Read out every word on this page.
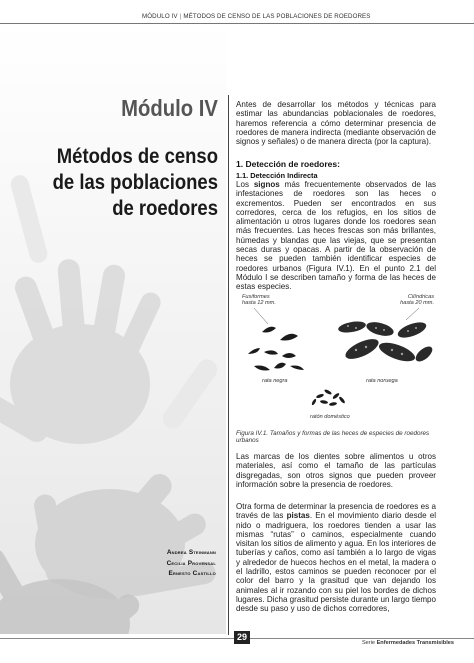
MÓDULO IV | MÉTODOS DE CENSO DE LAS POBLACIONES DE ROEDORES
Módulo IV
Métodos de censo
de las poblaciones
de roedores
Andrea Steinmann
Cecilia Provensal
Ernesto Castillo

Antes de desarrollar los métodos y técnicas para estimar las abundancias poblacionales de roedores, haremos referencia a cómo determinar presencia de roedores de manera indirecta (mediante observación de signos y señales) o de manera directa (por la captura).

1. Detección de roedores:
1.1. Detección Indirecta

Los signos más frecuentemente observados de las infestaciones de roedores son las heces o excrementos. Pueden ser encontrados en sus corredores, cerca de los refugios, en los sitios de alimentación u otros lugares donde los roedores sean más frecuentes. Las heces frescas son más brillantes, húmedas y blandas que las viejas, que se presentan secas duras y opacas. A partir de la observación de heces se pueden también identificar especies de roedores urbanos (Figura IV.1). En el punto 2.1 del Módulo I se describen tamaño y forma de las heces de estas especies.

Fusiformes
hasta 12 mm.
Cilíndricas
hasta 20 mm.
rata negra	rata noruega
ratón doméstico
Figura IV.1. Tamaños y formas de las heces de especies de roedores urbanos

Las marcas de los dientes sobre alimentos u otros materiales, así como el tamaño de las partículas disgregadas, son otros signos que pueden proveer información sobre la presencia de roedores.

Otra forma de determinar la presencia de roedores es a través de las pistas. En el movimiento diario desde el nido o madriguera, los roedores tienden a usar las mismas “rutas” o caminos, especialmente cuando visitan los sitios de alimento y agua. En los interiores de tuberías y caños, como así también a lo largo de vigas y alrededor de huecos hechos en el metal, la madera o el ladrillo, estos caminos se pueden reconocer por el color del barro y la grasitud que van dejando los animales al ir rozando con su piel los bordes de dichos lugares. Dicha grasitud persiste durante un largo tiempo desde su paso y uso de dichos corredores,

29
Serie Enfermedades Transmisibles
